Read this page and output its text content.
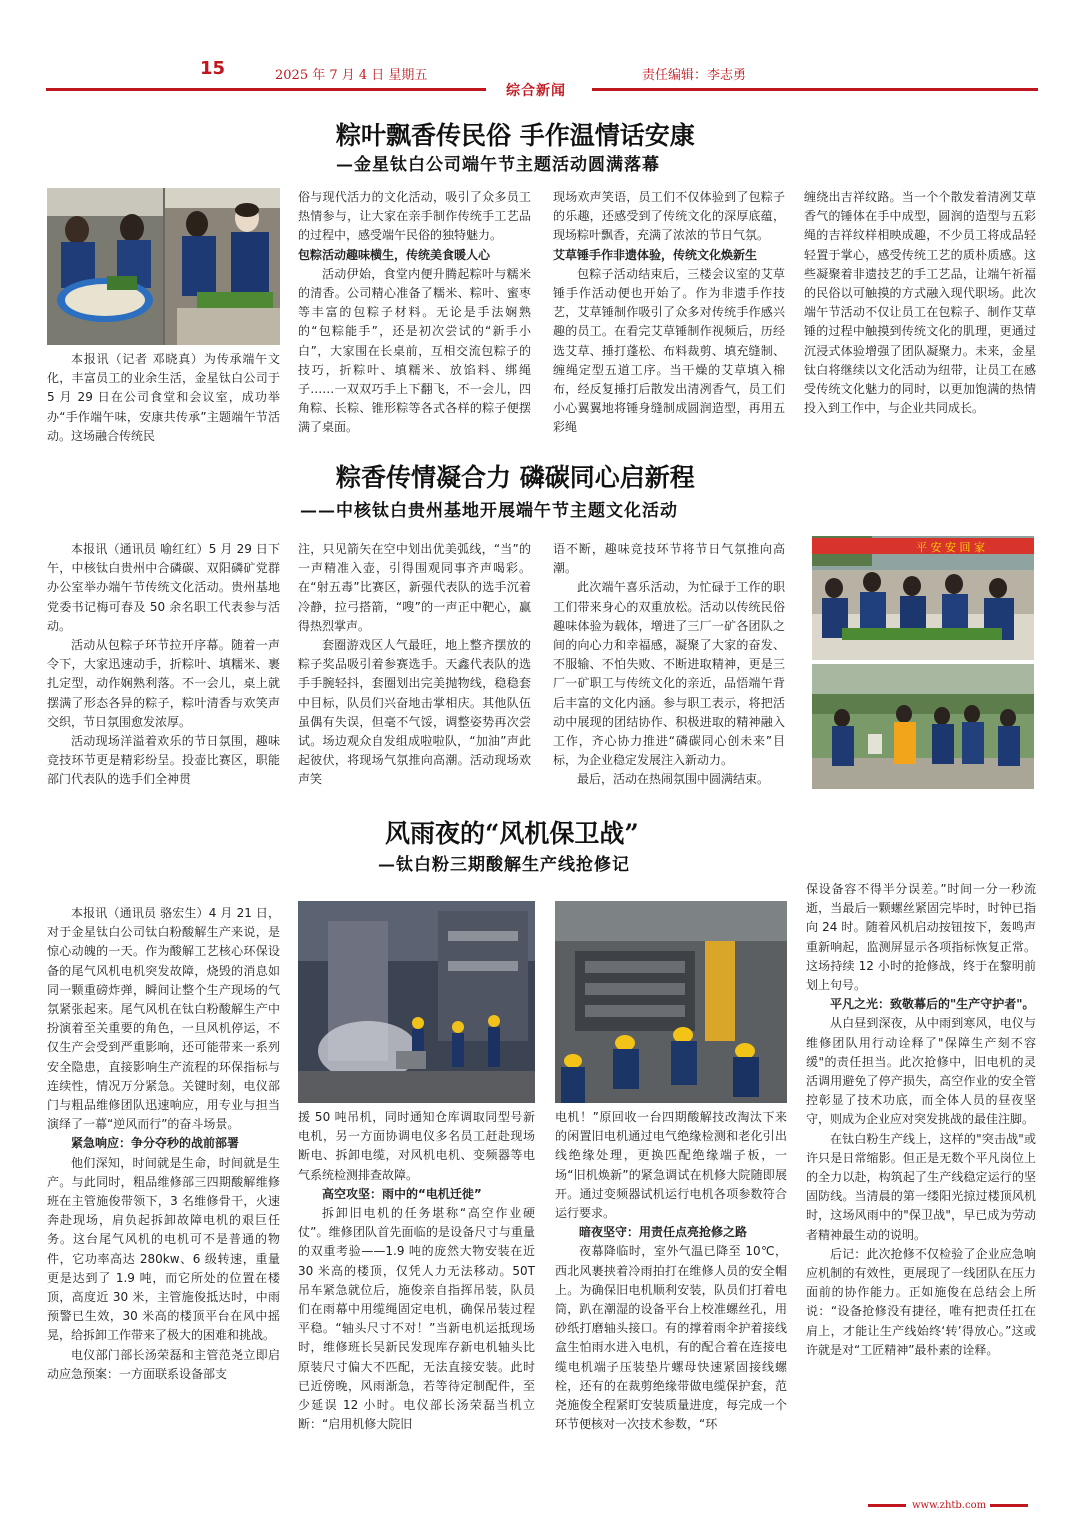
15	2025 年 7 月 4 日 星期五	责任编辑：李志勇
综合新闻
粽叶飘香传民俗 手作温情话安康
—金星钛白公司端午节主题活动圆满落幕

本报讯（记者 邓晓真）为传承端午文化，丰富员工的业余生活，金星钛白公司于 5 月 29 日在公司食堂和会议室，成功举办“手作端午味，安康共传承”主题端午节活动。这场融合传统民

俗与现代活力的文化活动，吸引了众多员工热情参与，让大家在亲手制作传统手工艺品的过程中，感受端午民俗的独特魅力。

包粽活动趣味横生，传统美食暖人心

活动伊始，食堂内便升腾起粽叶与糯米的清香。公司精心准备了糯米、粽叶、蜜枣等丰富的包粽子材料。无论是手法娴熟的“包粽能手”，还是初次尝试的“新手小白”，大家围在长桌前，互相交流包粽子的技巧，折粽叶、填糯米、放馅料、绑绳子……一双双巧手上下翻飞，不一会儿，四角粽、长粽、锥形粽等各式各样的粽子便摆满了桌面。

现场欢声笑语，员工们不仅体验到了包粽子的乐趣，还感受到了传统文化的深厚底蕴，现场粽叶飘香，充满了浓浓的节日气氛。

艾草锤手作非遗体验，传统文化焕新生

包粽子活动结束后，三楼会议室的艾草锤手作活动便也开始了。作为非遗手作技艺，艾草锤制作吸引了众多对传统手作感兴趣的员工。在看完艾草锤制作视频后，历经选艾草、捶打蓬松、布料裁剪、填充缝制、缠绳定型五道工序。当干燥的艾草填入棉布，经反复捶打后散发出清冽香气，员工们小心翼翼地将锤身缝制成圆润造型，再用五彩绳

缠绕出吉祥纹路。当一个个散发着清冽艾草香气的锤体在手中成型，圆润的造型与五彩绳的吉祥纹样相映成趣，不少员工将成品轻轻置于掌心，感受传统工艺的质朴质感。这些凝聚着非遗技艺的手工艺品，让端午祈福的民俗以可触摸的方式融入现代职场。此次端午节活动不仅让员工在包粽子、制作艾草锤的过程中触摸到传统文化的肌理，更通过沉浸式体验增强了团队凝聚力。未来，金星钛白将继续以文化活动为纽带，让员工在感受传统文化魅力的同时，以更加饱满的热情投入到工作中，与企业共同成长。

粽香传情凝合力 磷碳同心启新程
——中核钛白贵州基地开展端午节主题文化活动

本报讯（通讯员 喻红红）5 月 29 日下午，中核钛白贵州中合磷碳、双阳磷矿党群办公室举办端午节传统文化活动。贵州基地党委书记梅可春及 50 余名职工代表参与活动。

活动从包粽子环节拉开序幕。随着一声令下，大家迅速动手，折粽叶、填糯米、裹扎定型，动作娴熟利落。不一会儿，桌上就摆满了形态各异的粽子，粽叶清香与欢笑声交织，节日氛围愈发浓厚。

活动现场洋溢着欢乐的节日氛围，趣味竞技环节更是精彩纷呈。投壶比赛区，职能部门代表队的选手们全神贯

注，只见箭矢在空中划出优美弧线，“当”的一声精准入壶，引得围观同事齐声喝彩。在“射五毒”比赛区，新强代表队的选手沉着冷静，拉弓搭箭，“嗖”的一声正中靶心，赢得热烈掌声。

套圈游戏区人气最旺，地上整齐摆放的粽子奖品吸引着参赛选手。天鑫代表队的选手手腕轻抖，套圈划出完美抛物线，稳稳套中目标，队员们兴奋地击掌相庆。其他队伍虽偶有失误，但毫不气馁，调整姿势再次尝试。场边观众自发组成啦啦队，“加油”声此起彼伏，将现场气氛推向高潮。活动现场欢声笑

语不断，趣味竞技环节将节日气氛推向高潮。

此次端午喜乐活动，为忙碌于工作的职工们带来身心的双重放松。活动以传统民俗趣味体验为载体，增进了三厂一矿各团队之间的向心力和幸福感，凝聚了大家的奋发、不服输、不怕失败、不断进取精神，更是三厂一矿职工与传统文化的亲近，品悟端午背后丰富的文化内涵。参与职工表示，将把活动中展现的团结协作、积极进取的精神融入工作，齐心协力推进“磷碳同心创未来”目标，为企业稳定发展注入新动力。

最后，活动在热闹氛围中圆满结束。

平 安 安 回 家
风雨夜的“风机保卫战”
—钛白粉三期酸解生产线抢修记

本报讯（通讯员 骆宏生）4 月 21 日，对于金星钛白公司钛白粉酸解生产来说，是惊心动魄的一天。作为酸解工艺核心环保设备的尾气风机电机突发故障，烧毁的消息如同一颗重磅炸弹，瞬间让整个生产现场的气氛紧张起来。尾气风机在钛白粉酸解生产中扮演着至关重要的角色，一旦风机停运，不仅生产会受到严重影响，还可能带来一系列安全隐患，直接影响生产流程的环保指标与连续性，情况万分紧急。关键时刻，电仪部门与粗品维修团队迅速响应，用专业与担当演绎了一幕“逆风而行”的奋斗场景。

紧急响应：争分夺秒的战前部署

他们深知，时间就是生命，时间就是生产。与此同时，粗品维修部三四期酸解维修班在主管施俊带领下，3 名维修骨干，火速奔赴现场，肩负起拆卸故障电机的艰巨任务。这台尾气风机的电机可不是普通的物件，它功率高达 280kw、6 级转速，重量更是达到了 1.9 吨，而它所处的位置在楼顶，高度近 30 米，主管施俊抵达时，中雨预警已生效，30 米高的楼顶平台在风中摇晃，给拆卸工作带来了极大的困难和挑战。

电仪部门部长汤荣磊和主管范尧立即启动应急预案：一方面联系设备部支

援 50 吨吊机，同时通知仓库调取同型号新电机，另一方面协调电仪多名员工赶赴现场断电、拆卸电缆，对风机电机、变频器等电气系统检测排查故障。

高空攻坚：雨中的“电机迁徙”

拆卸旧电机的任务堪称“高空作业硬仗”。维修团队首先面临的是设备尺寸与重量的双重考验——1.9 吨的庞然大物安装在近 30 米高的楼顶，仅凭人力无法移动。50T 吊车紧急就位后，施俊亲自指挥吊装，队员们在雨幕中用缆绳固定电机，确保吊装过程平稳。“轴头尺寸不对！”当新电机运抵现场时，维修班长吴新民发现库存新电机轴头比原装尺寸偏大不匹配，无法直接安装。此时已近傍晚，风雨渐急，若等待定制配件，至少延误 12 小时。电仪部长汤荣磊当机立断：“启用机修大院旧

电机！”原回收一台四期酸解技改淘汰下来的闲置旧电机通过电气绝缘检测和老化引出线绝缘处理，更换匹配绝缘端子板，一场“旧机焕新”的紧急调试在机修大院随即展开。通过变频器试机运行电机各项参数符合运行要求。

暗夜坚守：用责任点亮抢修之路

夜幕降临时，室外气温已降至 10℃，西北风裹挟着冷雨拍打在维修人员的安全帽上。为确保旧电机顺利安装，队员们打着电筒，趴在潮湿的设备平台上校准螺丝孔，用砂纸打磨轴头接口。有的撑着雨伞护着接线盒生怕雨水进入电机，有的配合着在连接电缆电机端子压装垫片螺母快速紧固接线螺栓，还有的在裁剪绝缘带做电缆保护套，范尧施俊全程紧盯安装质量进度，每完成一个环节便核对一次技术参数，“环

保设备容不得半分误差。”时间一分一秒流逝，当最后一颗螺丝紧固完毕时，时钟已指向 24 时。随着风机启动按钮按下，轰鸣声重新响起，监测屏显示各项指标恢复正常。这场持续 12 小时的抢修战，终于在黎明前划上句号。

平凡之光：致敬幕后的"生产守护者"。

从白昼到深夜，从中雨到寒风，电仪与维修团队用行动诠释了"保障生产刻不容缓"的责任担当。此次抢修中，旧电机的灵活调用避免了停产损失，高空作业的安全管控彰显了技术功底，而全体人员的昼夜坚守，则成为企业应对突发挑战的最佳注脚。

在钛白粉生产线上，这样的"突击战"或许只是日常缩影。但正是无数个平凡岗位上的全力以赴，构筑起了生产线稳定运行的坚固防线。当清晨的第一缕阳光掠过楼顶风机时，这场风雨中的"保卫战"，早已成为劳动者精神最生动的说明。

后记：此次抢修不仅检验了企业应急响应机制的有效性，更展现了一线团队在压力面前的协作能力。正如施俊在总结会上所说：“设备抢修没有捷径，唯有把责任扛在肩上，才能让生产线始终‘转’得放心。”这或许就是对“工匠精神”最朴素的诠释。

www.zhtb.com
